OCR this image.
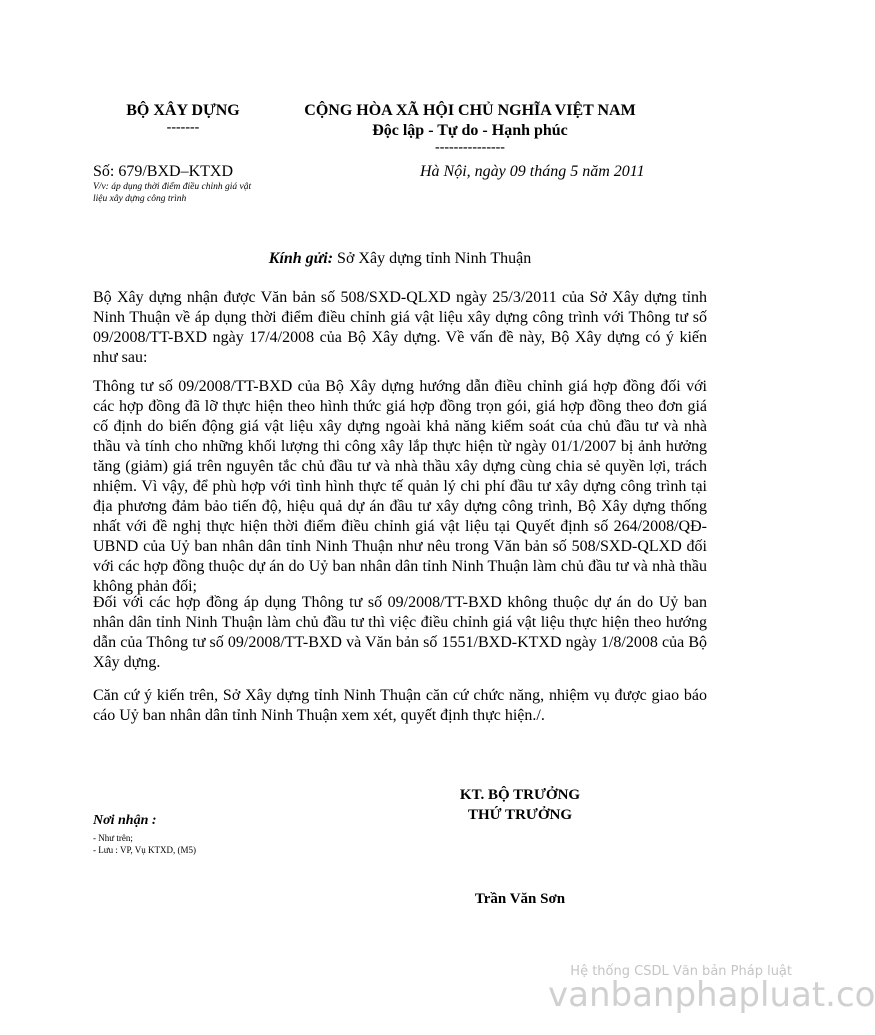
BỘ XÂY DỰNG
-------
CỘNG HÒA XÃ HỘI CHỦ NGHĨA VIỆT NAM
Độc lập - Tự do - Hạnh phúc
---------------
Số: 679/BXD–KTXD
V/v: áp dụng thời điểm điều chỉnh giá vật
liệu xây dựng công trình
Hà Nội, ngày 09 tháng 5 năm 2011
Kính gửi: Sở Xây dựng tỉnh Ninh Thuận
Bộ Xây dựng nhận được Văn bản số 508/SXD-QLXD ngày 25/3/2011 của Sở Xây dựng tỉnh Ninh Thuận về áp dụng thời điểm điều chỉnh giá vật liệu xây dựng công trình với Thông tư số 09/2008/TT-BXD ngày 17/4/2008 của Bộ Xây dựng. Về vấn đề này, Bộ Xây dựng có ý kiến như sau:
Thông tư số 09/2008/TT-BXD của Bộ Xây dựng hướng dẫn điều chỉnh giá hợp đồng đối với các hợp đồng đã lỡ thực hiện theo hình thức giá hợp đồng trọn gói, giá hợp đồng theo đơn giá cố định do biến động giá vật liệu xây dựng ngoài khả năng kiểm soát của chủ đầu tư và nhà thầu và tính cho những khối lượng thi công xây lắp thực hiện từ ngày 01/1/2007 bị ảnh hưởng tăng (giảm) giá trên nguyên tắc chủ đầu tư và nhà thầu xây dựng cùng chia sẻ quyền lợi, trách nhiệm. Vì vậy, để phù hợp với tình hình thực tế quản lý chi phí đầu tư xây dựng công trình tại địa phương đảm bảo tiến độ, hiệu quả dự án đầu tư xây dựng công trình, Bộ Xây dựng thống nhất với đề nghị thực hiện thời điểm điều chỉnh giá vật liệu tại Quyết định số 264/2008/QĐ-UBND của Uỷ ban nhân dân tỉnh Ninh Thuận như nêu trong Văn bản số 508/SXD-QLXD đối với các hợp đồng thuộc dự án do Uỷ ban nhân dân tỉnh Ninh Thuận làm chủ đầu tư và nhà thầu không phản đối;
Đối với các hợp đồng áp dụng Thông tư số 09/2008/TT-BXD không thuộc dự án do Uỷ ban nhân dân tỉnh Ninh Thuận làm chủ đầu tư thì việc điều chỉnh giá vật liệu thực hiện theo hướng dẫn của Thông tư số 09/2008/TT-BXD và Văn bản số 1551/BXD-KTXD ngày 1/8/2008 của Bộ Xây dựng.
Căn cứ ý kiến trên, Sở Xây dựng tỉnh Ninh Thuận căn cứ chức năng, nhiệm vụ được giao báo cáo Uỷ ban nhân dân tỉnh Ninh Thuận xem xét, quyết định thực hiện./.
KT. BỘ TRƯỞNG
THỨ TRƯỞNG
Nơi nhận :
- Như trên;
- Lưu : VP, Vụ KTXD, (M5)
Trần Văn Sơn
Hệ thống CSDL Văn bản Pháp luật
vanbanphapluat.co
